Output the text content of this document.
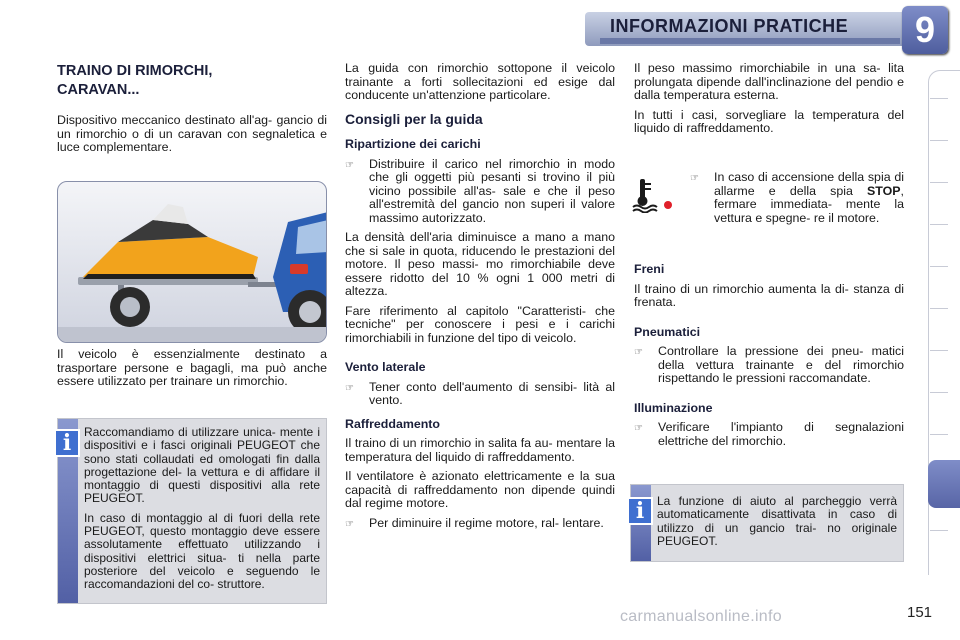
INFORMAZIONI PRATICHE	9
TRAINO DI RIMORCHI,
CARAVAN...

Dispositivo meccanico destinato all'ag- gancio di un rimorchio o di un caravan con segnaletica e luce complementare.

Il veicolo è essenzialmente destinato a trasportare persone e bagagli, ma può anche essere utilizzato per trainare un rimorchio.

i	Raccomandiamo di utilizzare unica- mente i dispositivi e i fasci originali PEUGEOT che sono stati collaudati ed omologati fin dalla progettazione del- la vettura e di affidare il montaggio di questi dispositivi alla rete PEUGEOT.

In caso di montaggio al di fuori della rete PEUGEOT, questo montaggio deve essere assolutamente effettuato utilizzando i dispositivi elettrici situa- ti nella parte posteriore del veicolo e seguendo le raccomandazioni del co- struttore.

La guida con rimorchio sottopone il veicolo trainante a forti sollecitazioni ed esige dal conducente un'attenzione particolare.

Consigli per la guida
Ripartizione dei carichi
☞	Distribuire il carico nel rimorchio in modo che gli oggetti più pesanti si trovino il più vicino possibile all'as- sale e che il peso all'estremità del gancio non superi il valore massimo autorizzato.

La densità dell'aria diminuisce a mano a mano che si sale in quota, riducendo le prestazioni del motore. Il peso massi- mo rimorchiabile deve essere ridotto del 10 % ogni 1 000 metri di altezza.

Fare riferimento al capitolo "Caratteristi- che tecniche" per conoscere i pesi e i carichi rimorchiabili in funzione del tipo di veicolo.

Vento laterale
☞	Tener conto dell'aumento di sensibi- lità al vento.
Raffreddamento

Il traino di un rimorchio in salita fa au- mentare la temperatura del liquido di raffreddamento.

Il ventilatore è azionato elettricamente e la sua capacità di raffreddamento non dipende quindi dal regime motore.

☞	Per diminuire il regime motore, ral- lentare.

Il peso massimo rimorchiabile in una sa- lita prolungata dipende dall'inclinazione del pendio e dalla temperatura esterna.

In tutti i casi, sorvegliare la temperatura del liquido di raffreddamento.

☞	In caso di accensione della spia di allarme e della spia STOP, fermare immediata- mente la vettura e spegne- re il motore.
Freni

Il traino di un rimorchio aumenta la di- stanza di frenata.

Pneumatici
☞	Controllare la pressione dei pneu- matici della vettura trainante e del rimorchio rispettando le pressioni raccomandate.
Illuminazione
☞	Verificare l'impianto di segnalazioni elettriche del rimorchio.
i	La funzione di aiuto al parcheggio verrà automaticamente disattivata in caso di utilizzo di un gancio trai- no originale PEUGEOT.

carmanualsonline.info	151
